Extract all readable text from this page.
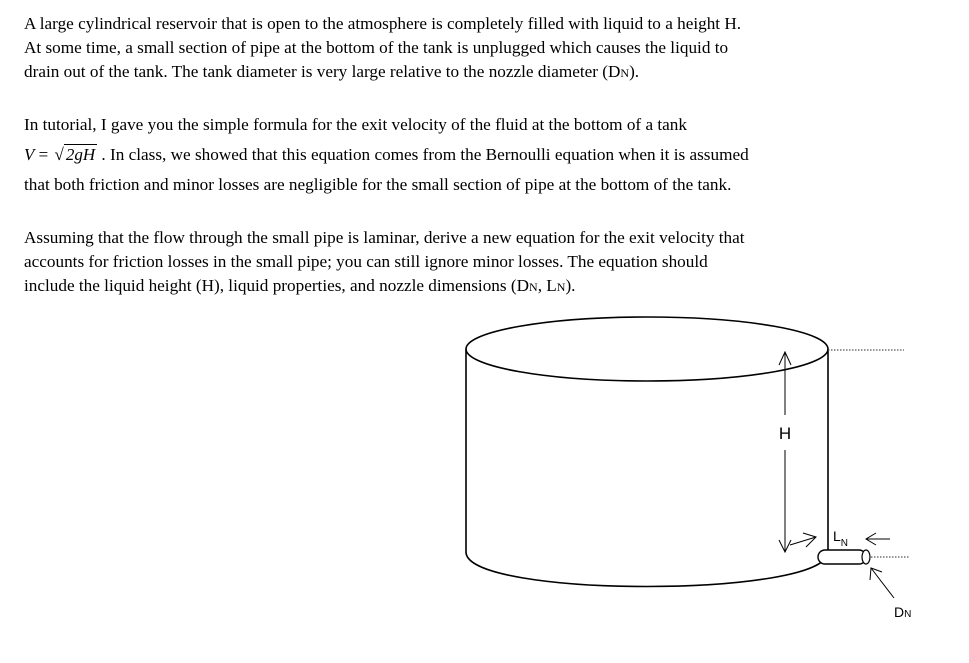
A large cylindrical reservoir that is open to the atmosphere is completely filled with liquid to a height H.
At some time, a small section of pipe at the bottom of the tank is unplugged which causes the liquid to
drain out of the tank. The tank diameter is very large relative to the nozzle diameter (DN).

In tutorial, I gave you the simple formula for the exit velocity of the fluid at the bottom of a tank
V = √ 2gH . In class, we showed that this equation comes from the Bernoulli equation when it is assumed
that both friction and minor losses are negligible for the small section of pipe at the bottom of the tank.

Assuming that the flow through the small pipe is laminar, derive a new equation for the exit velocity that
accounts for friction losses in the small pipe; you can still ignore minor losses. The equation should
include the liquid height (H), liquid properties, and nozzle dimensions (DN, LN).

H
$L_N$
DN
